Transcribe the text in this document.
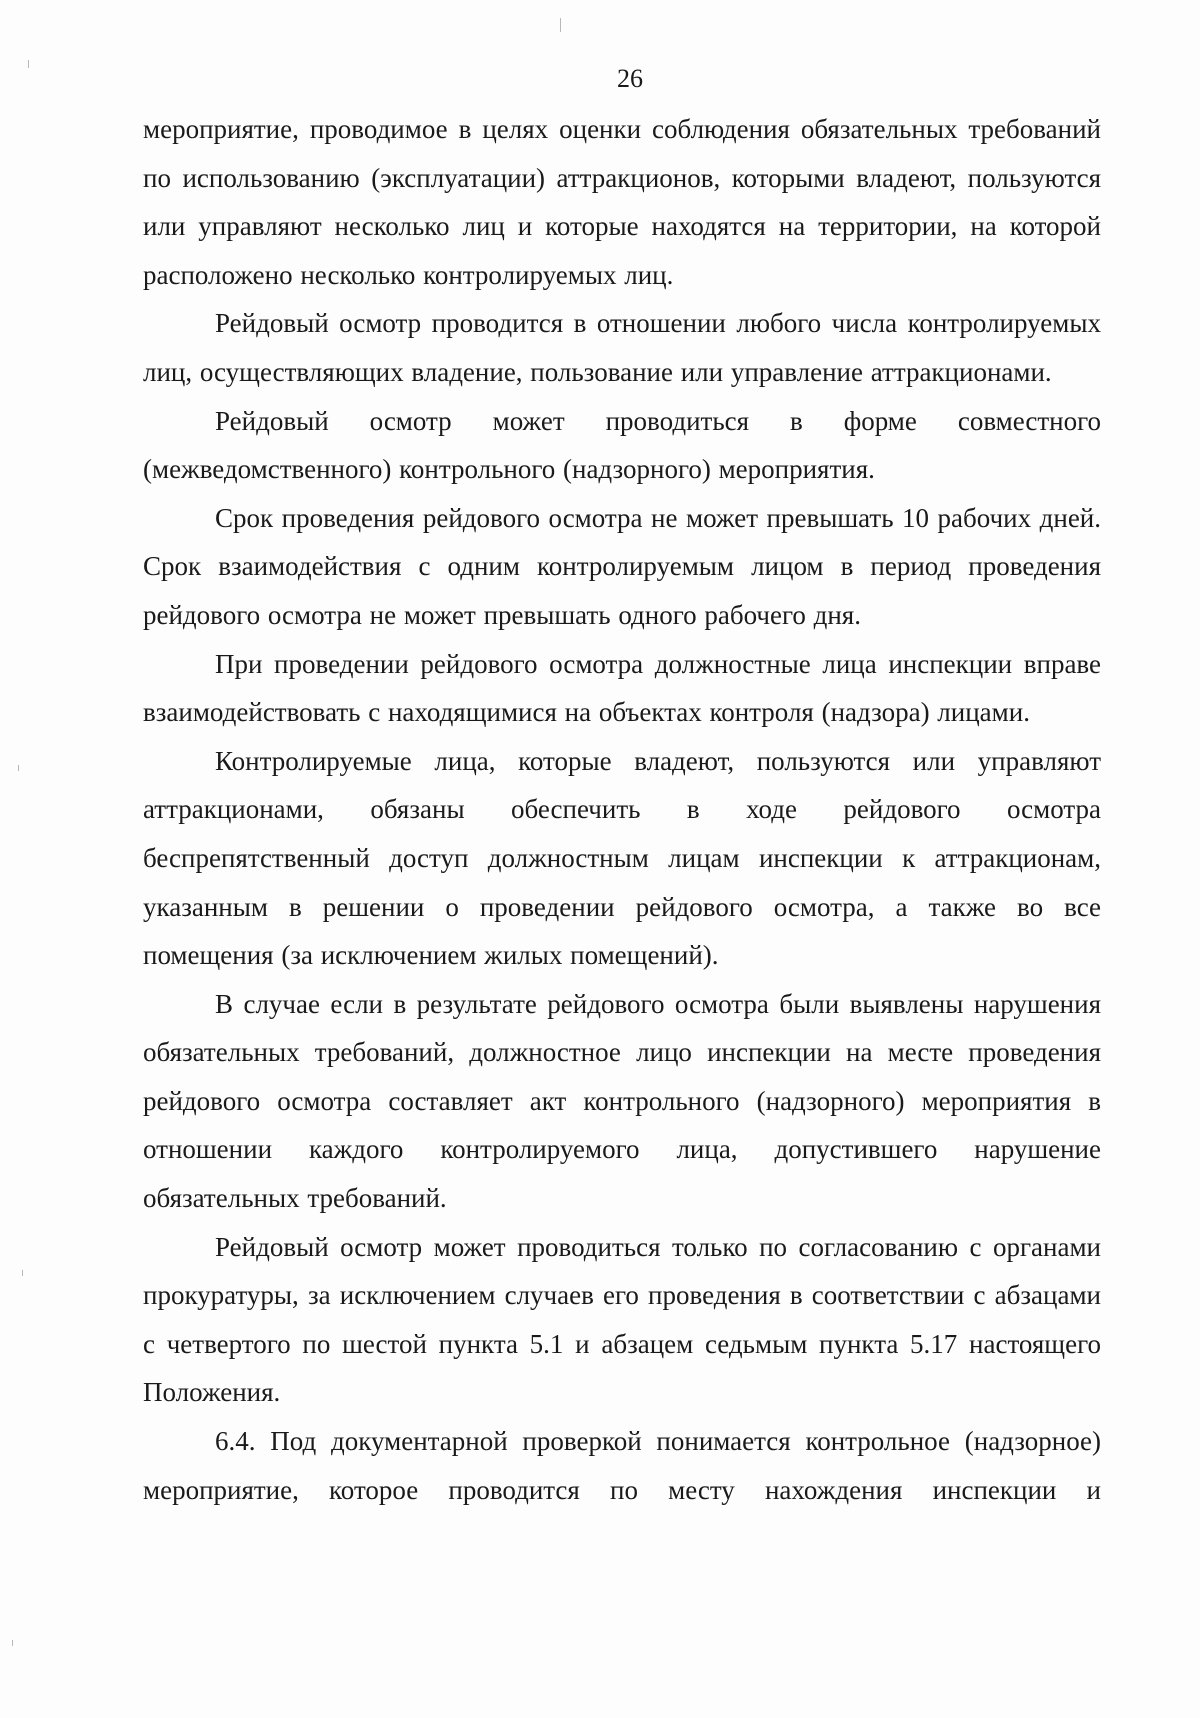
26

мероприятие, проводимое в целях оценки соблюдения обязательных требований по использованию (эксплуатации) аттракционов, которыми владеют, пользуются или управляют несколько лиц и которые находятся на территории, на которой расположено несколько контролируемых лиц.

Рейдовый осмотр проводится в отношении любого числа контролируемых лиц, осуществляющих владение, пользование или управление аттракционами.

Рейдовый осмотр может проводиться в форме совместного (межведомственного) контрольного (надзорного) мероприятия.

Срок проведения рейдового осмотра не может превышать 10 рабочих дней. Срок взаимодействия с одним контролируемым лицом в период проведения рейдового осмотра не может превышать одного рабочего дня.

При проведении рейдового осмотра должностные лица инспекции вправе взаимодействовать с находящимися на объектах контроля (надзора) лицами.

Контролируемые лица, которые владеют, пользуются или управляют аттракционами, обязаны обеспечить в ходе рейдового осмотра беспрепятственный доступ должностным лицам инспекции к аттракционам, указанным в решении о проведении рейдового осмотра, а также во все помещения (за исключением жилых помещений).

В случае если в результате рейдового осмотра были выявлены нарушения обязательных требований, должностное лицо инспекции на месте проведения рейдового осмотра составляет акт контрольного (надзорного) мероприятия в отношении каждого контролируемого лица, допустившего нарушение обязательных требований.

Рейдовый осмотр может проводиться только по согласованию с органами прокуратуры, за исключением случаев его проведения в соответствии с абзацами с четвертого по шестой пункта 5.1 и абзацем седьмым пункта 5.17 настоящего Положения.

6.4. Под документарной проверкой понимается контрольное (надзорное) мероприятие, которое проводится по месту нахождения инспекции и
